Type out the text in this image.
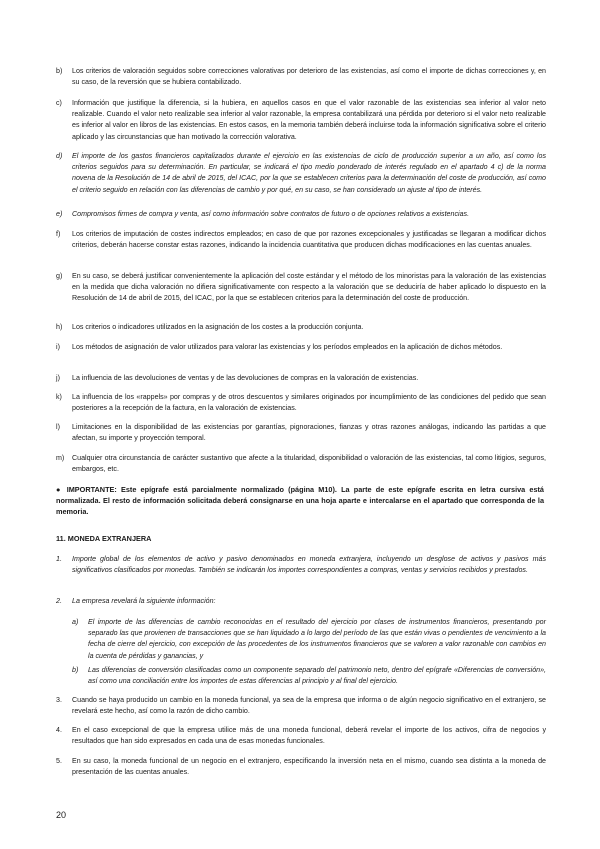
b) Los criterios de valoración seguidos sobre correcciones valorativas por deterioro de las existencias, así como el importe de dichas correcciones y, en su caso, de la reversión que se hubiera contabilizado.
c) Información que justifique la diferencia, si la hubiera, en aquellos casos en que el valor razonable de las existencias sea inferior al valor neto realizable. Cuando el valor neto realizable sea inferior al valor razonable, la empresa contabilizará una pérdida por deterioro si el valor neto realizable es inferior al valor en libros de las existencias. En estos casos, en la memoria también deberá incluirse toda la información significativa sobre el criterio aplicado y las circunstancias que han motivado la corrección valorativa.
d) El importe de los gastos financieros capitalizados durante el ejercicio en las existencias de ciclo de producción superior a un año, así como los criterios seguidos para su determinación. En particular, se indicará el tipo medio ponderado de interés regulado en el apartado 4 c) de la norma novena de la Resolución de 14 de abril de 2015, del ICAC, por la que se establecen criterios para la determinación del coste de producción, así como el criterio seguido en relación con las diferencias de cambio y por qué, en su caso, se han considerado un ajuste al tipo de interés.
e) Compromisos firmes de compra y venta, así como información sobre contratos de futuro o de opciones relativos a existencias.
f) Los criterios de imputación de costes indirectos empleados; en caso de que por razones excepcionales y justificadas se llegaran a modificar dichos criterios, deberán hacerse constar estas razones, indicando la incidencia cuantitativa que producen dichas modificaciones en las cuentas anuales.
g) En su caso, se deberá justificar convenientemente la aplicación del coste estándar y el método de los minoristas para la valoración de las existencias en la medida que dicha valoración no difiera significativamente con respecto a la valoración que se deduciría de haber aplicado lo dispuesto en la Resolución de 14 de abril de 2015, del ICAC, por la que se establecen criterios para la determinación del coste de producción.
h) Los criterios o indicadores utilizados en la asignación de los costes a la producción conjunta.
i) Los métodos de asignación de valor utilizados para valorar las existencias y los períodos empleados en la aplicación de dichos métodos.
j) La influencia de las devoluciones de ventas y de las devoluciones de compras en la valoración de existencias.
k) La influencia de los «rappels» por compras y de otros descuentos y similares originados por incumplimiento de las condiciones del pedido que sean posteriores a la recepción de la factura, en la valoración de existencias.
l) Limitaciones en la disponibilidad de las existencias por garantías, pignoraciones, fianzas y otras razones análogas, indicando las partidas a que afectan, su importe y proyección temporal.
m) Cualquier otra circunstancia de carácter sustantivo que afecte a la titularidad, disponibilidad o valoración de las existencias, tal como litigios, seguros, embargos, etc.
● IMPORTANTE: Este epígrafe está parcialmente normalizado (página M10). La parte de este epígrafe escrita en letra cursiva está normalizada. El resto de información solicitada deberá consignarse en una hoja aparte e intercalarse en el apartado que corresponda de la memoria.
11. MONEDA EXTRANJERA
1. Importe global de los elementos de activo y pasivo denominados en moneda extranjera, incluyendo un desglose de activos y pasivos más significativos clasificados por monedas. También se indicarán los importes correspondientes a compras, ventas y servicios recibidos y prestados.
2. La empresa revelará la siguiente información:
a) El importe de las diferencias de cambio reconocidas en el resultado del ejercicio por clases de instrumentos financieros, presentando por separado las que provienen de transacciones que se han liquidado a lo largo del período de las que están vivas o pendientes de vencimiento a la fecha de cierre del ejercicio, con excepción de las procedentes de los instrumentos financieros que se valoren a valor razonable con cambios en la cuenta de pérdidas y ganancias, y
b) Las diferencias de conversión clasificadas como un componente separado del patrimonio neto, dentro del epígrafe «Diferencias de conversión», así como una conciliación entre los importes de estas diferencias al principio y al final del ejercicio.
3. Cuando se haya producido un cambio en la moneda funcional, ya sea de la empresa que informa o de algún negocio significativo en el extranjero, se revelará este hecho, así como la razón de dicho cambio.
4. En el caso excepcional de que la empresa utilice más de una moneda funcional, deberá revelar el importe de los activos, cifra de negocios y resultados que han sido expresados en cada una de esas monedas funcionales.
5. En su caso, la moneda funcional de un negocio en el extranjero, especificando la inversión neta en el mismo, cuando sea distinta a la moneda de presentación de las cuentas anuales.
20
